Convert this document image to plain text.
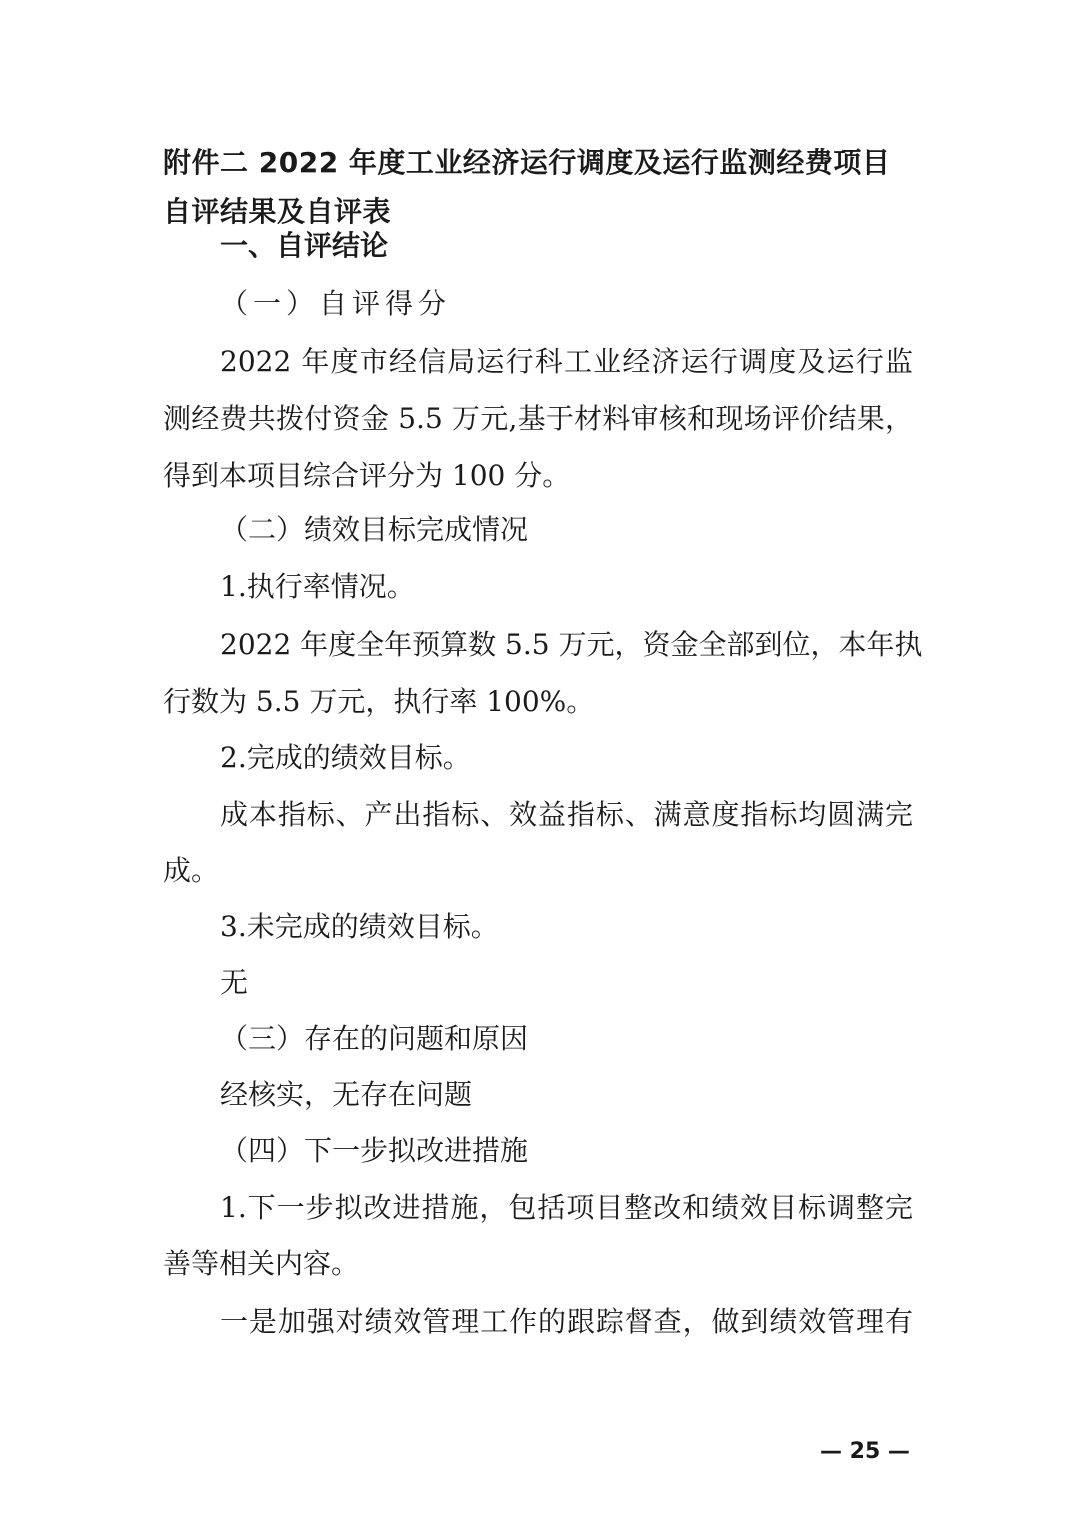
附件二 2022 年度工业经济运行调度及运行监测经费项目自评结果及自评表

一、自评结论

（一）自评得分

2022 年度市经信局运行科工业经济运行调度及运行监

测经费共拨付资金 5.5 万元,基于材料审核和现场评价结果，

得到本项目综合评分为 100 分。

（二）绩效目标完成情况

1.执行率情况。

2022 年度全年预算数 5.5 万元，资金全部到位，本年执

行数为 5.5 万元，执行率 100%。

2.完成的绩效目标。

成本指标、产出指标、效益指标、满意度指标均圆满完

成。

3.未完成的绩效目标。

无

（三）存在的问题和原因

经核实，无存在问题

（四）下一步拟改进措施

1.下一步拟改进措施，包括项目整改和绩效目标调整完

善等相关内容。

一是加强对绩效管理工作的跟踪督查，做到绩效管理有

— 25 —
